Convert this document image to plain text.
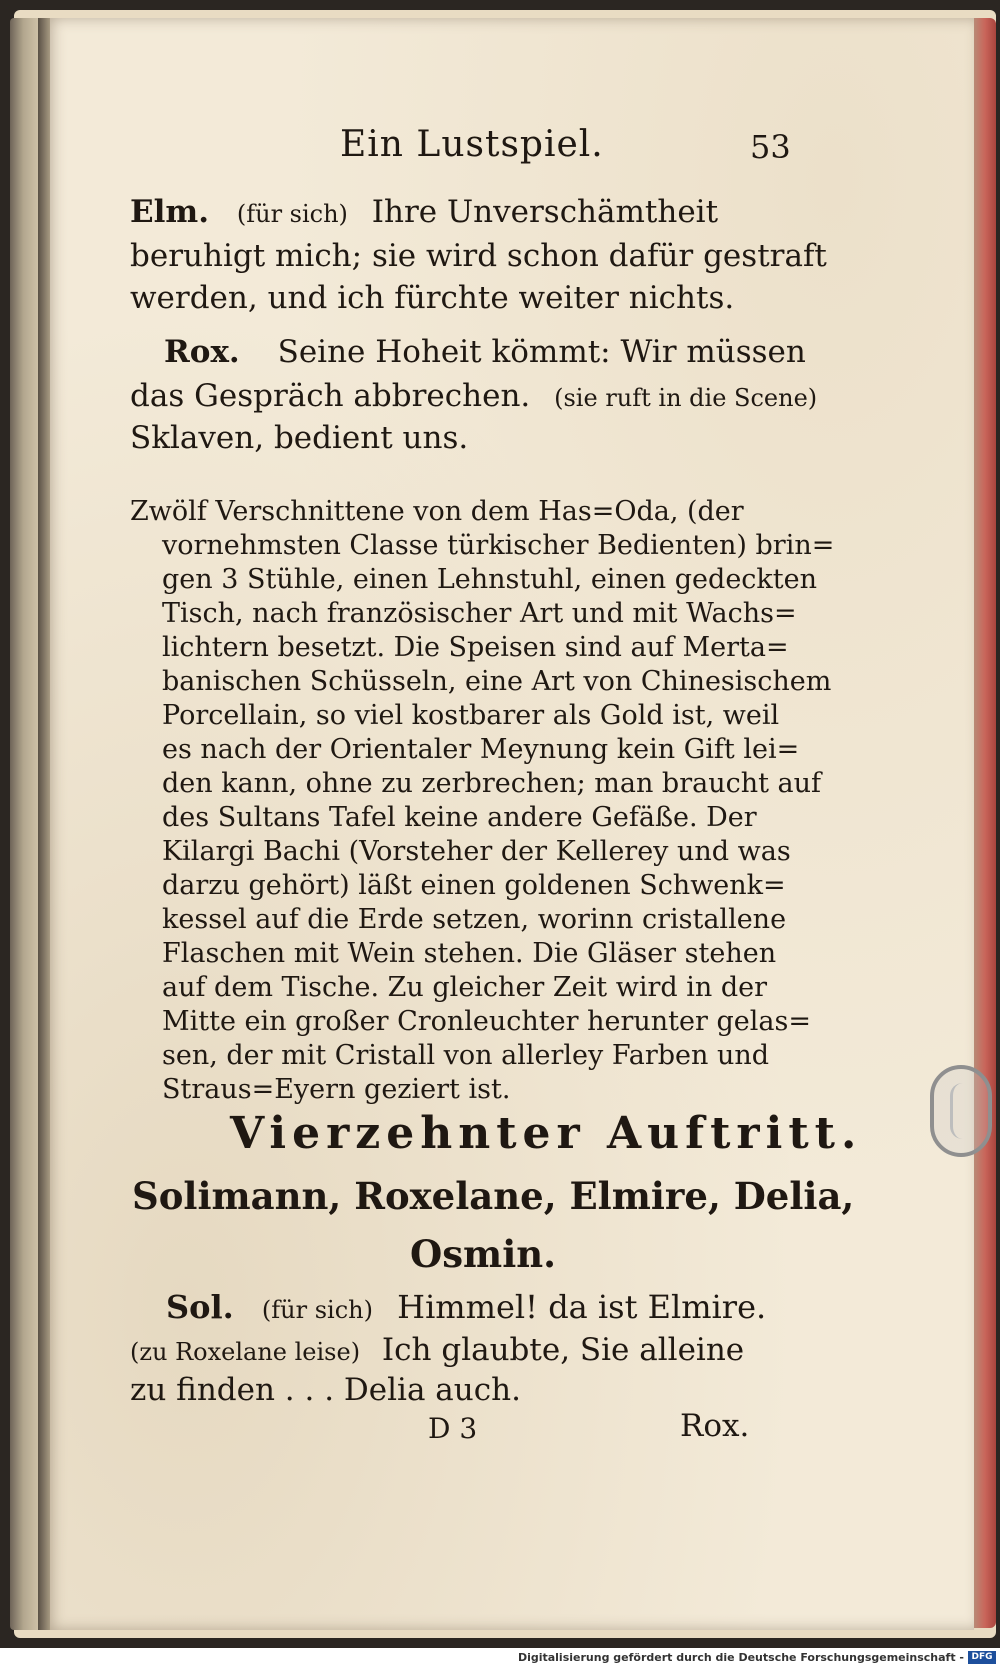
Ein Lustspiel.	53
Elm. (für sich) Ihre Unverschämtheit
beruhigt mich; sie wird schon dafür gestraft
werden, und ich fürchte weiter nichts.
Rox. Seine Hoheit kömmt: Wir müssen
das Gespräch abbrechen. (sie ruft in die Scene)
Sklaven, bedient uns.
Zwölf Verschnittene von dem Has=Oda, (der
vornehmsten Classe türkischer Bedienten) brin=
gen 3 Stühle, einen Lehnstuhl, einen gedeckten
Tisch, nach französischer Art und mit Wachs=
lichtern besetzt. Die Speisen sind auf Merta=
banischen Schüsseln, eine Art von Chinesischem
Porcellain, so viel kostbarer als Gold ist, weil
es nach der Orientaler Meynung kein Gift lei=
den kann, ohne zu zerbrechen; man braucht auf
des Sultans Tafel keine andere Gefäße. Der
Kilargi Bachi (Vorsteher der Kellerey und was
darzu gehört) läßt einen goldenen Schwenk=
kessel auf die Erde setzen, worinn cristallene
Flaschen mit Wein stehen. Die Gläser stehen
auf dem Tische. Zu gleicher Zeit wird in der
Mitte ein großer Cronleuchter herunter gelas=
sen, der mit Cristall von allerley Farben und
Straus=Eyern geziert ist.
Vierzehnter Auftritt.
Solimann, Roxelane, Elmire, Delia,
Osmin.
Sol. (für sich) Himmel! da ist Elmire.
(zu Roxelane leise) Ich glaubte, Sie alleine
zu finden . . . Delia auch.
D 3	Rox.
Digitalisierung gefördert durch die Deutsche Forschungsgemeinschaft - DFG
